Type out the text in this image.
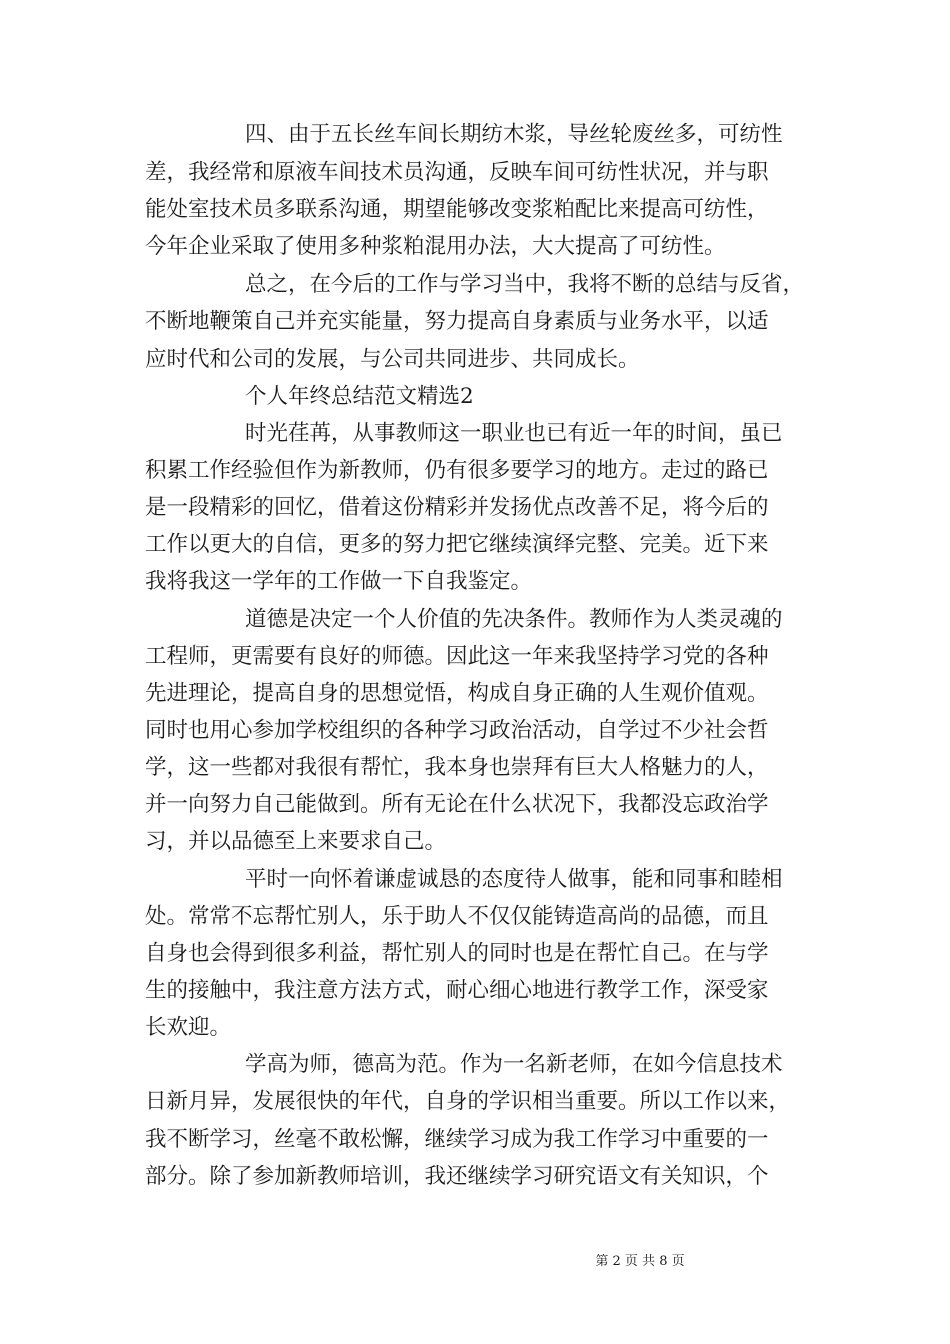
四、由于五长丝车间长期纺木浆，导丝轮废丝多，可纺性
差，我经常和原液车间技术员沟通，反映车间可纺性状况，并与职
能处室技术员多联系沟通，期望能够改变浆粕配比来提高可纺性，
今年企业采取了使用多种浆粕混用办法，大大提高了可纺性。
总之，在今后的工作与学习当中，我将不断的总结与反省，
不断地鞭策自己并充实能量，努力提高自身素质与业务水平，以适
应时代和公司的发展，与公司共同进步、共同成长。
个人年终总结范文精选2
时光荏苒，从事教师这一职业也已有近一年的时间，虽已
积累工作经验但作为新教师，仍有很多要学习的地方。走过的路已
是一段精彩的回忆，借着这份精彩并发扬优点改善不足，将今后的
工作以更大的自信，更多的努力把它继续演绎完整、完美。近下来
我将我这一学年的工作做一下自我鉴定。
道德是决定一个人价值的先决条件。教师作为人类灵魂的
工程师，更需要有良好的师德。因此这一年来我坚持学习党的各种
先进理论，提高自身的思想觉悟，构成自身正确的人生观价值观。
同时也用心参加学校组织的各种学习政治活动，自学过不少社会哲
学，这一些都对我很有帮忙，我本身也崇拜有巨大人格魅力的人，
并一向努力自己能做到。所有无论在什么状况下，我都没忘政治学
习，并以品德至上来要求自己。
平时一向怀着谦虚诚恳的态度待人做事，能和同事和睦相
处。常常不忘帮忙别人，乐于助人不仅仅能铸造高尚的品德，而且
自身也会得到很多利益，帮忙别人的同时也是在帮忙自己。在与学
生的接触中，我注意方法方式，耐心细心地进行教学工作，深受家
长欢迎。
学高为师，德高为范。作为一名新老师，在如今信息技术
日新月异，发展很快的年代，自身的学识相当重要。所以工作以来，
我不断学习，丝毫不敢松懈，继续学习成为我工作学习中重要的一
部分。除了参加新教师培训，我还继续学习研究语文有关知识，个
第 2 页 共 8 页
